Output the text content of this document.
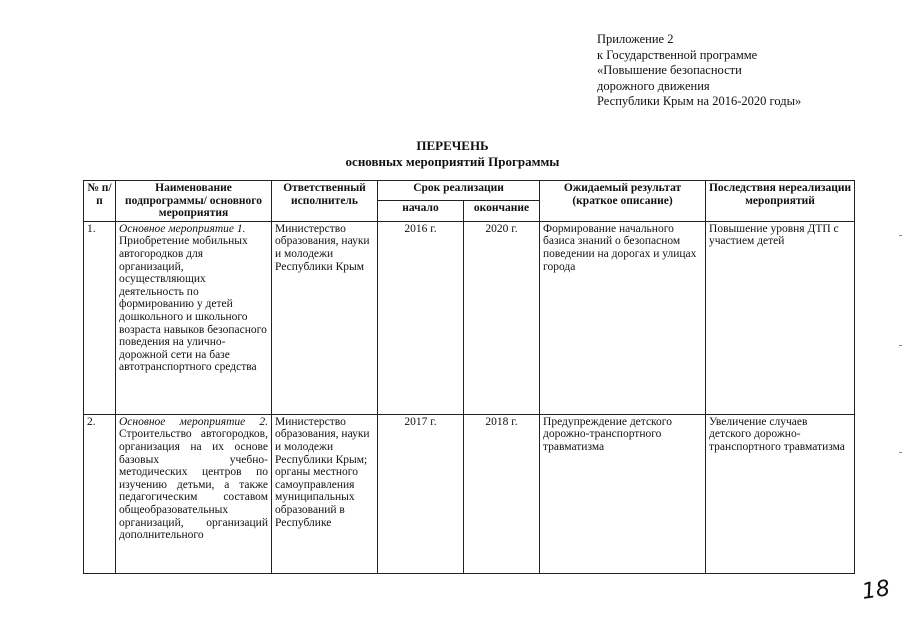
Приложение 2
к Государственной программе
«Повышение безопасности
дорожного движения
Республики Крым на 2016-2020 годы»
ПЕРЕЧЕНЬ
основных мероприятий Программы
№ п/п	Наименование подпрограммы/ основного мероприятия	Ответственный исполнитель	Срок реализации		Ожидаемый результат (краткое описание)	Последствия нереализации мероприятий
			начало	окончание		
1.	Основное мероприятие 1. Приобретение мобильных автогородков для организаций, осуществляющих деятельность по формированию у детей дошкольного и школьного возраста навыков безопасного поведения на улично-дорожной сети на базе автотранспортного средства	Министерство образования, науки и молодежи Республики Крым	2016 г.	2020 г.	Формирование начального базиса знаний о безопасном поведении на дорогах и улицах города	Повышение уровня ДТП с участием детей
2.	Основное мероприятие 2. Строительство автогородков, организация на их основе базовых учебно-методических центров по изучению детьми, а также педагогическим составом общеобразовательных организаций, организаций дополнительного	Министерство образования, науки и молодежи Республики Крым; органы местного самоуправления муниципальных образований в Республике	2017 г.	2018 г.	Предупреждение детского дорожно-транспортного травматизма	Увеличение случаев детского дорожно-транспортного травматизма
18
